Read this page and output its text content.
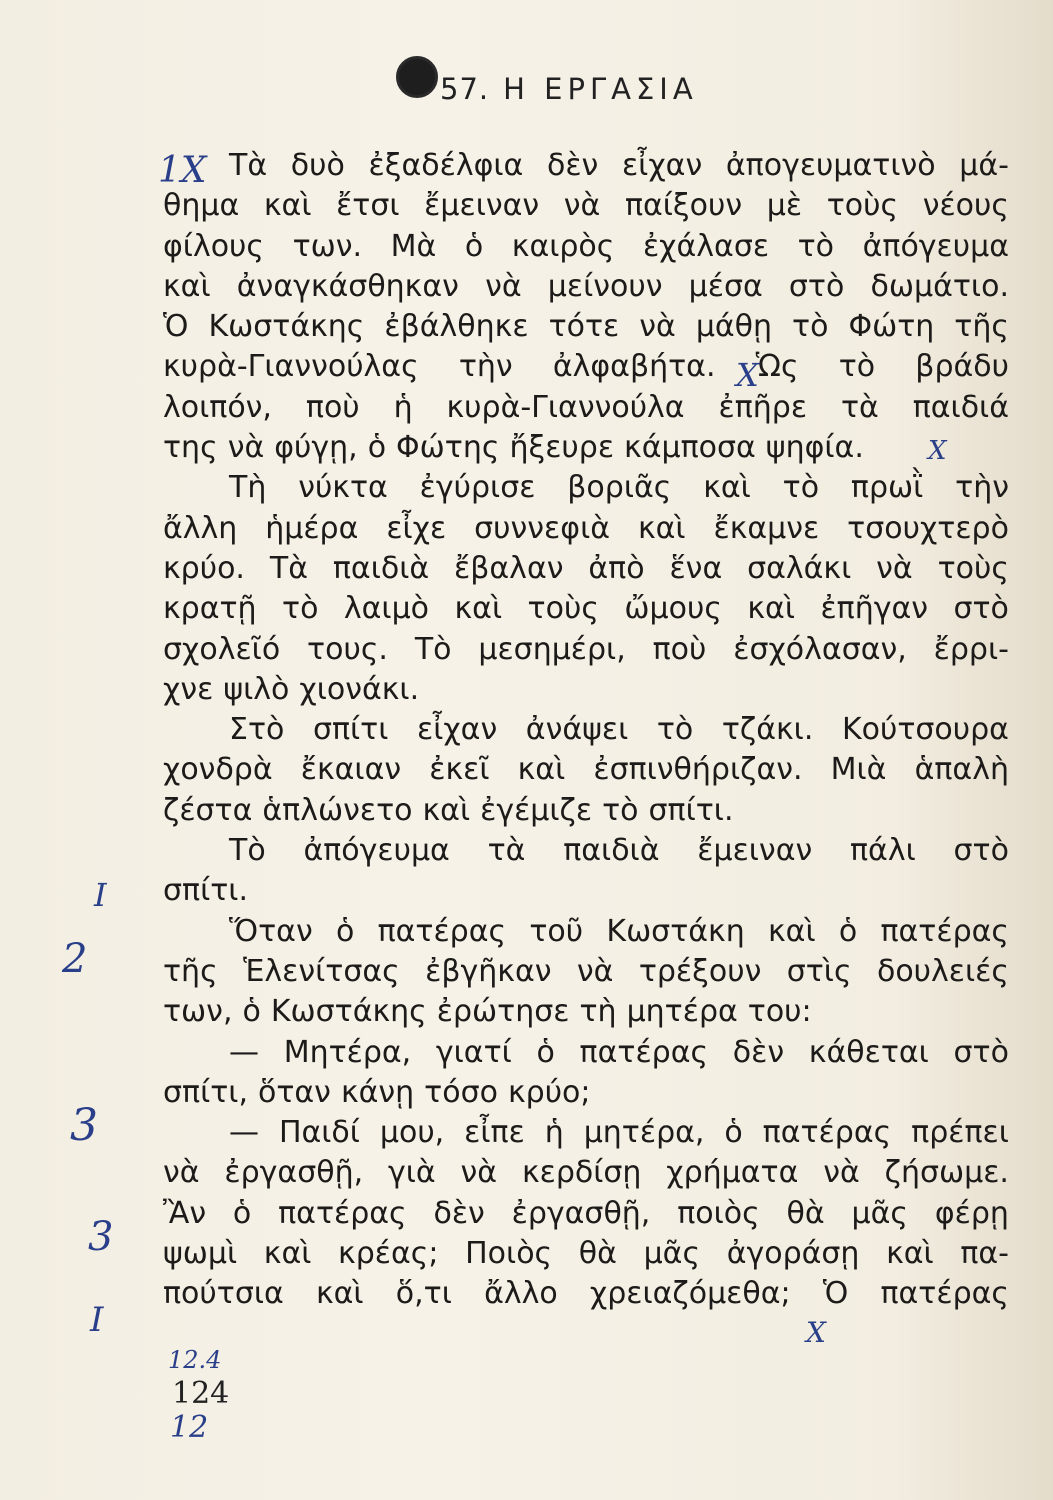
57. Η ΕΡΓΑΣΙΑ
Τὰ δυὸ ἐξαδέλφια δὲν εἶχαν ἀπογευματινὸ μά-
θημα καὶ ἔτσι ἔμειναν νὰ παίξουν μὲ τοὺς νέους
φίλους των. Μὰ ὁ καιρὸς ἐχάλασε τὸ ἀπόγευμα
καὶ ἀναγκάσθηκαν νὰ μείνουν μέσα στὸ δωμάτιο.
Ὁ Κωστάκης ἐβάλθηκε τότε νὰ μάθῃ τὸ Φώτη τῆς
κυρὰ-Γιαννούλας τὴν ἀλφαβήτα. Ὡς τὸ βράδυ
λοιπόν, ποὺ ἡ κυρὰ-Γιαννούλα ἐπῆρε τὰ παιδιά
της νὰ φύγῃ, ὁ Φώτης ἤξευρε κάμποσα ψηφία.
Τὴ νύκτα ἐγύρισε βοριᾶς καὶ τὸ πρωῒ τὴν
ἄλλη ἡμέρα εἶχε συννεφιὰ καὶ ἔκαμνε τσουχτερὸ
κρύο. Τὰ παιδιὰ ἔβαλαν ἀπὸ ἕνα σαλάκι νὰ τοὺς
κρατῇ τὸ λαιμὸ καὶ τοὺς ὤμους καὶ ἐπῆγαν στὸ
σχολεῖό τους. Τὸ μεσημέρι, ποὺ ἐσχόλασαν, ἔρρι-
χνε ψιλὸ χιονάκι.
Στὸ σπίτι εἶχαν ἀνάψει τὸ τζάκι. Κούτσουρα
χονδρὰ ἔκαιαν ἐκεῖ καὶ ἐσπινθήριζαν. Μιὰ ἁπαλὴ
ζέστα ἁπλώνετο καὶ ἐγέμιζε τὸ σπίτι.
Τὸ ἀπόγευμα τὰ παιδιὰ ἔμειναν πάλι στὸ
σπίτι.
Ὅταν ὁ πατέρας τοῦ Κωστάκη καὶ ὁ πατέρας
τῆς Ἑλενίτσας ἐβγῆκαν νὰ τρέξουν στὶς δουλειές
των, ὁ Κωστάκης ἐρώτησε τὴ μητέρα του:
— Μητέρα, γιατί ὁ πατέρας δὲν κάθεται στὸ
σπίτι, ὅταν κάνῃ τόσο κρύο;
— Παιδί μου, εἶπε ἡ μητέρα, ὁ πατέρας πρέπει
νὰ ἐργασθῇ, γιὰ νὰ κερδίσῃ χρήματα νὰ ζήσωμε.
Ἂν ὁ πατέρας δὲν ἐργασθῇ, ποιὸς θὰ μᾶς φέρῃ
ψωμὶ καὶ κρέας; Ποιὸς θὰ μᾶς ἀγοράσῃ καὶ πα-
πούτσια καὶ ὅ,τι ἄλλο χρειαζόμεθα; Ὁ πατέρας
124
1Χ
Χ
Χ
Χ
Ι
2
3
3
Ι
12.4
12
